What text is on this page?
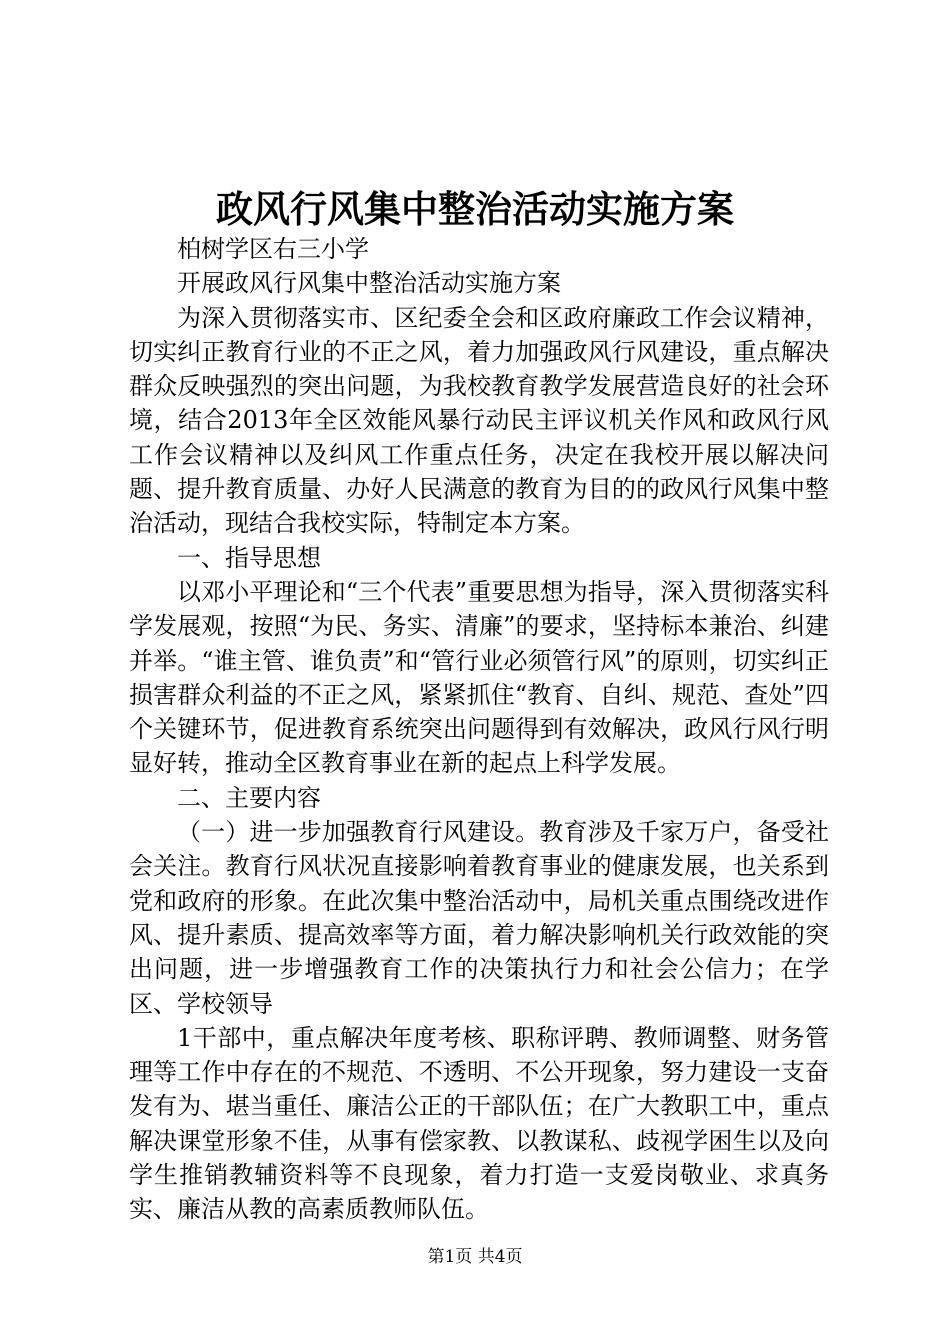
政风行风集中整治活动实施方案

柏树学区右三小学

开展政风行风集中整治活动实施方案

为深入贯彻落实市、区纪委全会和区政府廉政工作会议精神，切实纠正教育行业的不正之风，着力加强政风行风建设，重点解决群众反映强烈的突出问题，为我校教育教学发展营造良好的社会环境，结合2013年全区效能风暴行动民主评议机关作风和政风行风工作会议精神以及纠风工作重点任务，决定在我校开展以解决问题、提升教育质量、办好人民满意的教育为目的的政风行风集中整治活动，现结合我校实际，特制定本方案。

一、指导思想

以邓小平理论和“三个代表”重要思想为指导，深入贯彻落实科学发展观，按照“为民、务实、清廉”的要求，坚持标本兼治、纠建并举。“谁主管、谁负责”和“管行业必须管行风”的原则，切实纠正损害群众利益的不正之风，紧紧抓住“教育、自纠、规范、查处”四个关键环节，促进教育系统突出问题得到有效解决，政风行风行明显好转，推动全区教育事业在新的起点上科学发展。

二、主要内容

（一）进一步加强教育行风建设。教育涉及千家万户，备受社会关注。教育行风状况直接影响着教育事业的健康发展，也关系到党和政府的形象。在此次集中整治活动中，局机关重点围绕改进作风、提升素质、提高效率等方面，着力解决影响机关行政效能的突出问题，进一步增强教育工作的决策执行力和社会公信力；在学区、学校领导

1干部中，重点解决年度考核、职称评聘、教师调整、财务管理等工作中存在的不规范、不透明、不公开现象，努力建设一支奋发有为、堪当重任、廉洁公正的干部队伍；在广大教职工中，重点解决课堂形象不佳，从事有偿家教、以教谋私、歧视学困生以及向学生推销教辅资料等不良现象，着力打造一支爱岗敬业、求真务实、廉洁从教的高素质教师队伍。

第1页 共4页
